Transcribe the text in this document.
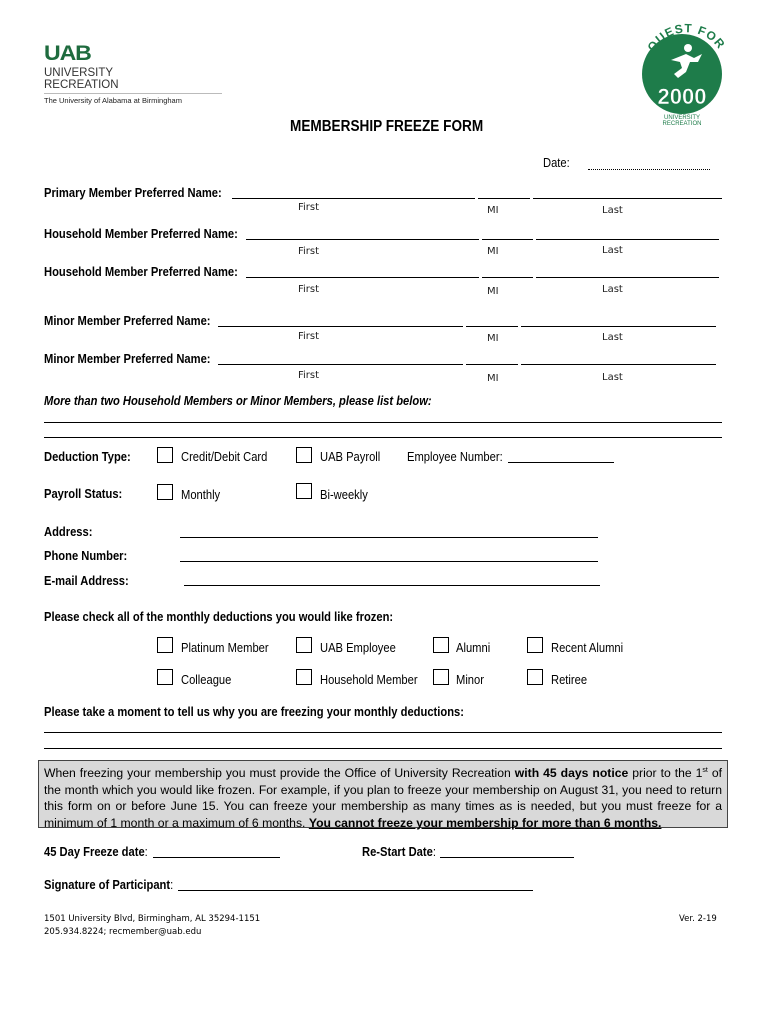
UAB
UNIVERSITY
RECREATION
The University of Alabama at Birmingham
QUEST FOR
2000
UNIVERSITY
RECREATION
MEMBERSHIP FREEZE FORM
Date:
Primary Member Preferred Name:
First	MI	Last
Household Member Preferred Name:
First	MI	Last
Household Member Preferred Name:
First	MI	Last
Minor Member Preferred Name:
First	MI	Last
Minor Member Preferred Name:
First	MI	Last
More than two Household Members or Minor Members, please list below:
Deduction Type:	Credit/Debit Card	UAB Payroll Employee Number:
Payroll Status:	Monthly	Bi-weekly
Address:
Phone Number:
E-mail Address:
Please check all of the monthly deductions you would like frozen:
Platinum Member	UAB Employee	Alumni	Recent Alumni
Colleague	Household Member	Minor	Retiree
Please take a moment to tell us why you are freezing your monthly deductions:
When freezing your membership you must provide the Office of University Recreation with 45 days notice prior to the 1st of the month which you would like frozen. For example, if you plan to freeze your membership on August 31, you need to return this form on or before June 15. You can freeze your membership as many times as is needed, but you must freeze for a minimum of 1 month or a maximum of 6 months. You cannot freeze your membership for more than 6 months.
45 Day Freeze date:	Re-Start Date:
Signature of Participant:
1501 University Blvd, Birmingham, AL 35294-1151
205.934.8224; recmember@uab.edu
Ver. 2-19
